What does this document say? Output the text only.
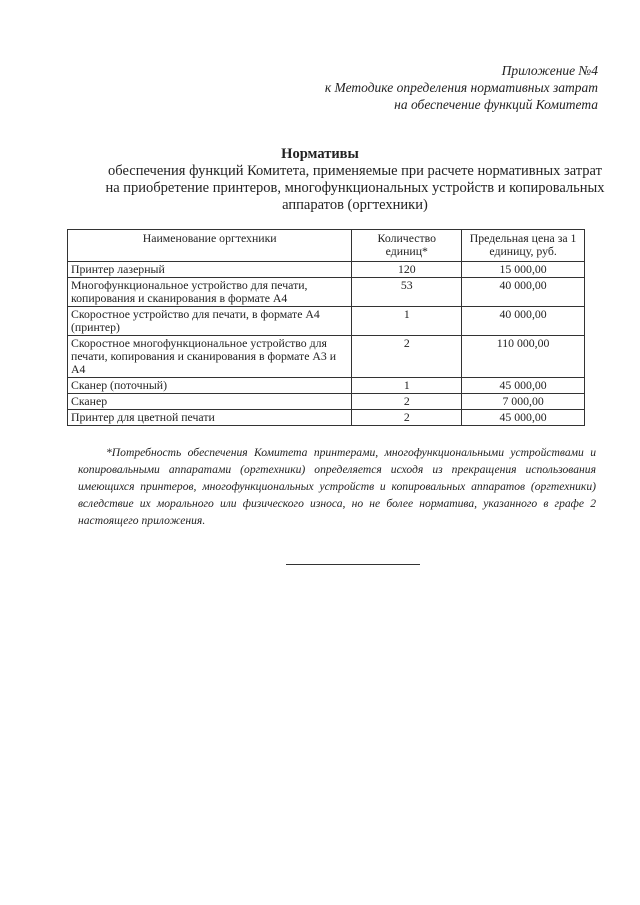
Приложение №4
к Методике определения нормативных затрат
на обеспечение функций Комитета
Нормативы
обеспечения функций Комитета, применяемые при расчете нормативных затрат на приобретение принтеров, многофункциональных устройств и копировальных аппаратов (оргтехники)
Наименование оргтехники	Количество единиц*	Предельная цена за 1 единицу, руб.
Принтер лазерный	120	15 000,00
Многофункциональное устройство для печати, копирования и сканирования в формате А4	53	40 000,00
Скоростное устройство для печати, в формате А4 (принтер)	1	40 000,00
Скоростное многофункциональное устройство для печати, копирования и сканирования в формате А3 и А4	2	110 000,00
Сканер (поточный)	1	45 000,00
Сканер	2	7 000,00
Принтер для цветной печати	2	45 000,00
*Потребность обеспечения Комитета принтерами, многофункциональными устройствами и копировальными аппаратами (оргтехники) определяется исходя из прекращения использования имеющихся принтеров, многофункциональных устройств и копировальных аппаратов (оргтехники) вследствие их морального или физического износа, но не более норматива, указанного в графе 2 настоящего приложения.
